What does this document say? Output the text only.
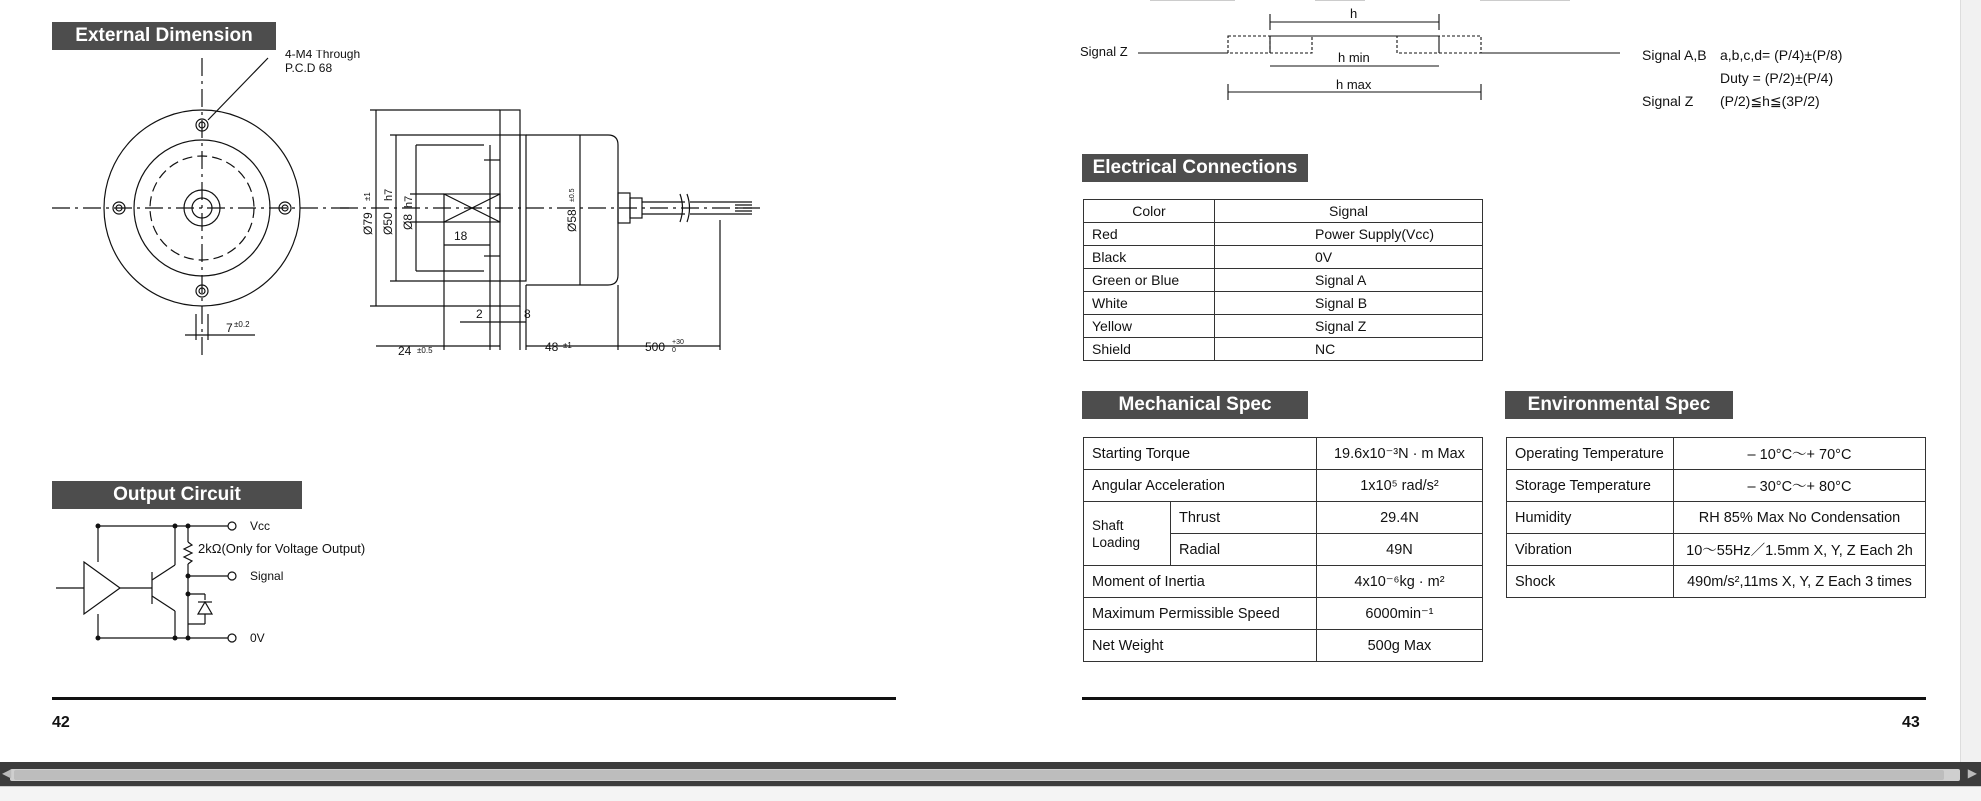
External Dimension
4-M4 Through
P.C.D 68
7 ±0.2
Ø79
±1
Ø50
h7
Ø8
h7
Ø58
±0.5
18
2	8
24 ±0.5	48 ±1	500 +30
0
Output Circuit
Vcc
2kΩ(Only for Voltage Output)
Signal
0V
42
Signal Z
h
h min
h max
Signal A,B a,b,c,d= (P/4)±(P/8)
Duty = (P/2)±(P/4)
Signal Z (P/2)≦h≦(3P/2)
Electrical Connections
Color	Signal
Red	Power Supply(Vcc)
Black	0V
Green or Blue	Signal A
White	Signal B
Yellow	Signal Z
Shield	NC
Mechanical Spec
Starting Torque		19.6x10⁻³N · m Max
Angular Acceleration		1x10⁵ rad/s²
Shaft Loading	Thrust	29.4N
	Radial	49N
Moment of Inertia		4x10⁻⁶kg · m²
Maximum Permissible Speed		6000min⁻¹
Net Weight		500g Max
Environmental Spec
Operating Temperature	– 10°C～+ 70°C
Storage Temperature	– 30°C～+ 80°C
Humidity	RH 85% Max No Condensation
Vibration	10～55Hz／1.5mm X, Y, Z Each 2h
Shock	490m/s²,11ms X, Y, Z Each 3 times
43
◀	▶
